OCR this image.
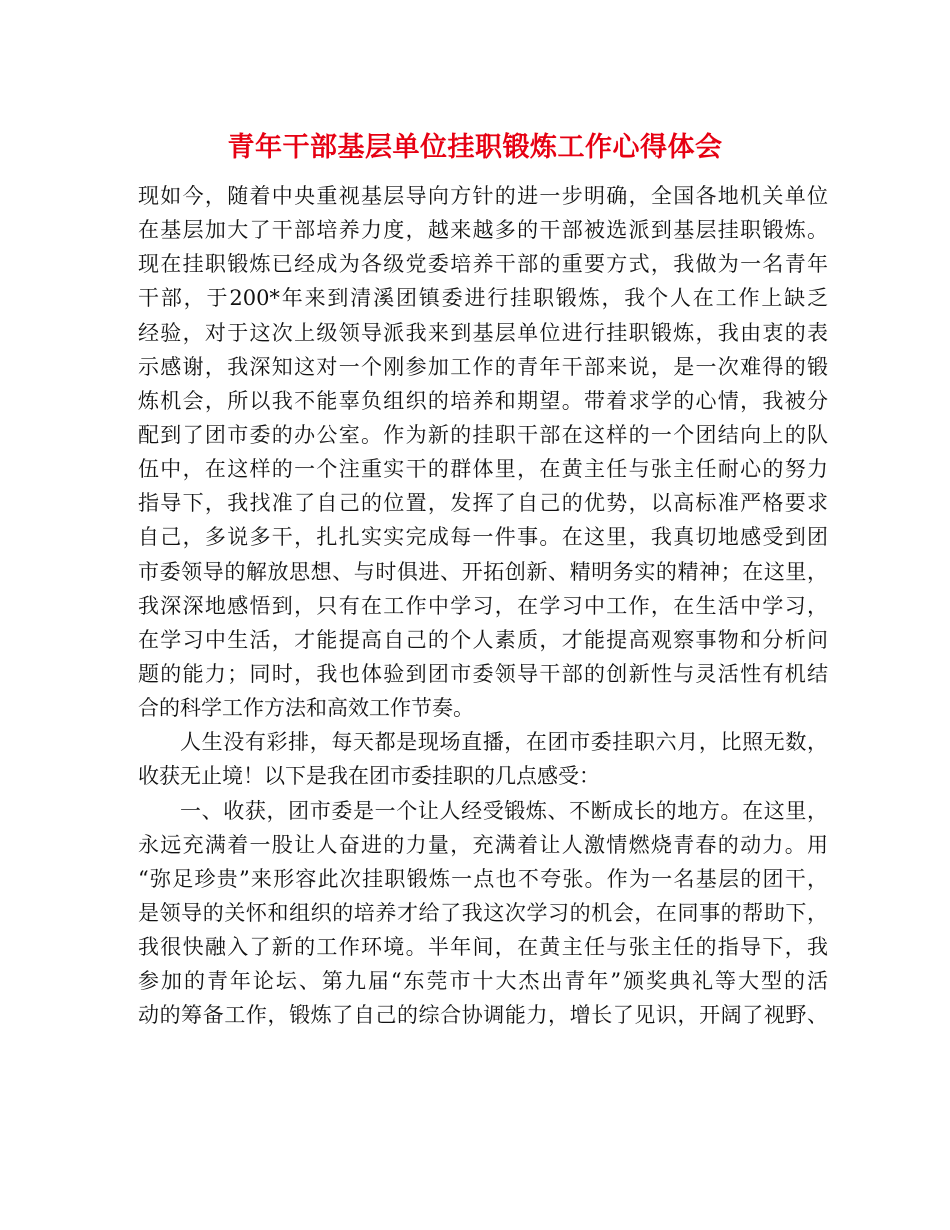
青年干部基层单位挂职锻炼工作心得体会
现如今，随着中央重视基层导向方针的进一步明确，全国各地机关单位
在基层加大了干部培养力度，越来越多的干部被选派到基层挂职锻炼。
现在挂职锻炼已经成为各级党委培养干部的重要方式，我做为一名青年
干部，于200*年来到清溪团镇委进行挂职锻炼，我个人在工作上缺乏
经验，对于这次上级领导派我来到基层单位进行挂职锻炼，我由衷的表
示感谢，我深知这对一个刚参加工作的青年干部来说，是一次难得的锻
炼机会，所以我不能辜负组织的培养和期望。带着求学的心情，我被分
配到了团市委的办公室。作为新的挂职干部在这样的一个团结向上的队
伍中，在这样的一个注重实干的群体里，在黄主任与张主任耐心的努力
指导下，我找准了自己的位置，发挥了自己的优势，以高标准严格要求
自己，多说多干，扎扎实实完成每一件事。在这里，我真切地感受到团
市委领导的解放思想、与时俱进、开拓创新、精明务实的精神；在这里，
我深深地感悟到，只有在工作中学习，在学习中工作，在生活中学习，
在学习中生活，才能提高自己的个人素质，才能提高观察事物和分析问
题的能力；同时，我也体验到团市委领导干部的创新性与灵活性有机结
合的科学工作方法和高效工作节奏。
人生没有彩排，每天都是现场直播，在团市委挂职六月，比照无数，
收获无止境！以下是我在团市委挂职的几点感受：
一、收获，团市委是一个让人经受锻炼、不断成长的地方。在这里，
永远充满着一股让人奋进的力量，充满着让人激情燃烧青春的动力。用
“弥足珍贵”来形容此次挂职锻炼一点也不夸张。作为一名基层的团干，
是领导的关怀和组织的培养才给了我这次学习的机会，在同事的帮助下，
我很快融入了新的工作环境。半年间，在黄主任与张主任的指导下，我
参加的青年论坛、第九届“东莞市十大杰出青年”颁奖典礼等大型的活
动的筹备工作，锻炼了自己的综合协调能力，增长了见识，开阔了视野、
